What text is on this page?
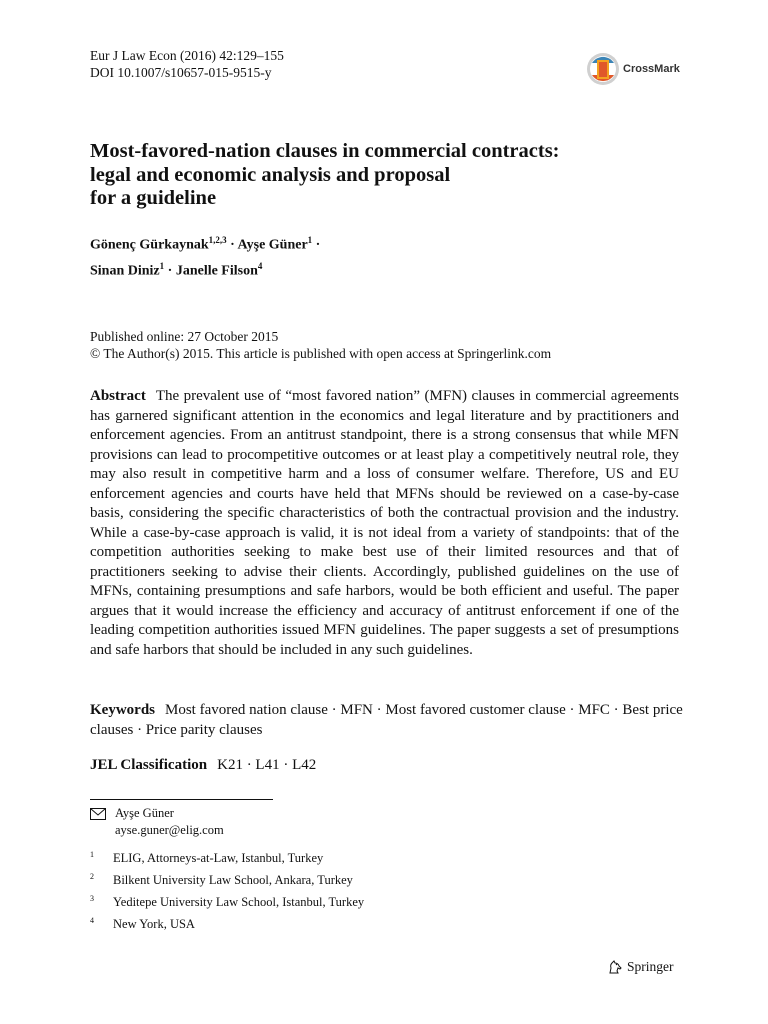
Eur J Law Econ (2016) 42:129–155
DOI 10.1007/s10657-015-9515-y	CrossMark
Most-favored-nation clauses in commercial contracts:
legal and economic analysis and proposal
for a guideline
Gönenç Gürkaynak$^{1,2,3}$ · Ayşe Güner$^1$ ·
Sinan Diniz$^1$ · Janelle Filson$^4$
Published online: 27 October 2015
© The Author(s) 2015. This article is published with open access at Springerlink.com

Abstract The prevalent use of “most favored nation” (MFN) clauses in commercial agreements has garnered significant attention in the economics and legal literature and by practitioners and enforcement agencies. From an antitrust standpoint, there is a strong consensus that while MFN provisions can lead to procompetitive outcomes or at least play a competitively neutral role, they may also result in competitive harm and a loss of consumer welfare. Therefore, US and EU enforcement agencies and courts have held that MFNs should be reviewed on a case-by-case basis, considering the specific characteristics of both the contractual provision and the industry. While a case-by-case approach is valid, it is not ideal from a variety of standpoints: that of the competition authorities seeking to make best use of their limited resources and that of practitioners seeking to advise their clients. Accordingly, published guidelines on the use of MFNs, containing presumptions and safe harbors, would be both efficient and useful. The paper argues that it would increase the efficiency and accuracy of antitrust enforcement if one of the leading competition authorities issued MFN guidelines. The paper suggests a set of presumptions and safe harbors that should be included in any such guidelines.

Keywords Most favored nation clause · MFN · Most favored customer clause · MFC · Best price clauses · Price parity clauses
JEL Classification K21 · L41 · L42
Ayşe Güner
ayse.guner@elig.com
1	ELIG, Attorneys-at-Law, Istanbul, Turkey
2	Bilkent University Law School, Ankara, Turkey
3	Yeditepe University Law School, Istanbul, Turkey
4	New York, USA
Springer
